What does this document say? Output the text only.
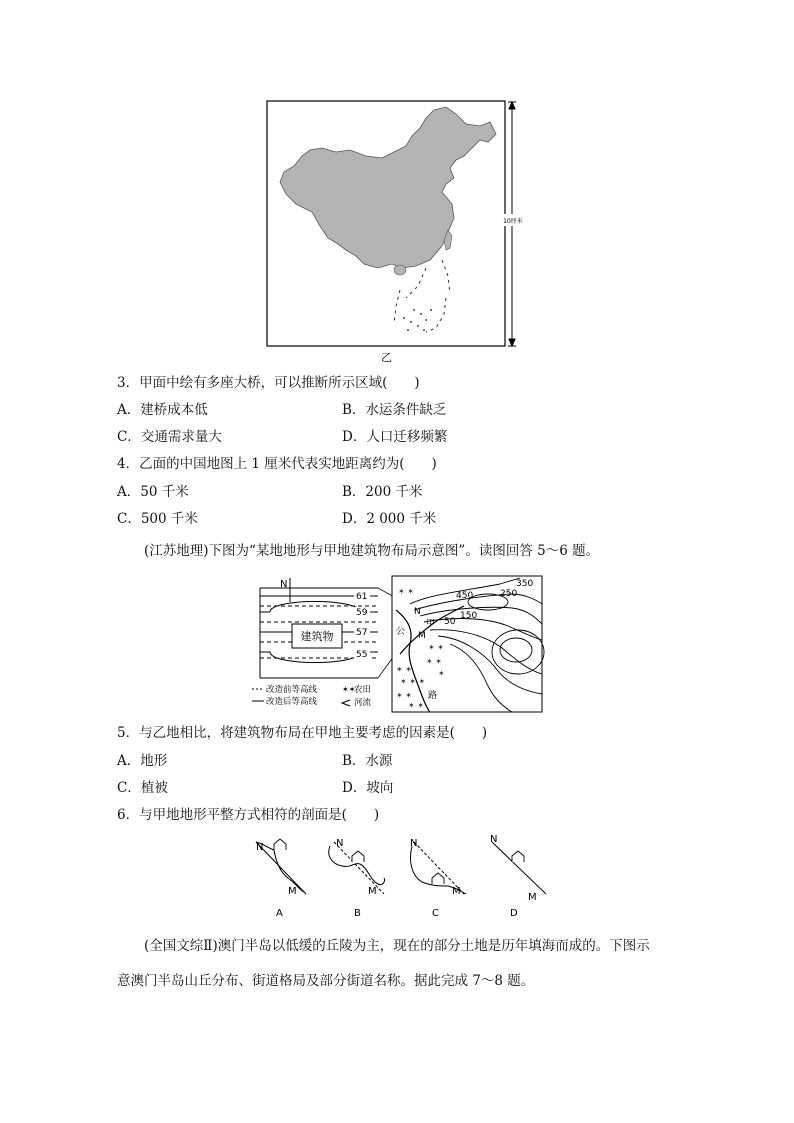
10厘米
乙
3．甲面中绘有多座大桥，可以推断所示区域(　　)
A．建桥成本低	B．水运条件缺乏
C．交通需求量大	D．人口迁移频繁
4．乙面的中国地图上 1 厘米代表实地距离约为(　　)
A．50 千米	B．200 千米
C．500 千米	D．2 000 千米
(江苏地理)下图为“某地地形与甲地建筑物布局示意图”。读图回答 5～6 题。
N
建筑物
61
59
57
55
改造前等高线
改造后等高线
✶✶
农田
河流
✶ ✶
✶ ✶
✶ ✶ ✶
✶ ✶
✶ ✶
✶ ✶
✶
✶ ✶
350
250
450
150
50
N
甲
M
公
路
5．与乙地相比，将建筑物布局在甲地主要考虑的因素是(　　)
A．地形	B．水源
C．植被	D．坡向
6．与甲地地形平整方式相符的剖面是(　　)
N
M
A
N
M
B
N
M
C
N
M
D
(全国文综Ⅱ)澳门半岛以低缓的丘陵为主，现在的部分土地是历年填海而成的。下图示
意澳门半岛山丘分布、街道格局及部分街道名称。据此完成 7～8 题。
